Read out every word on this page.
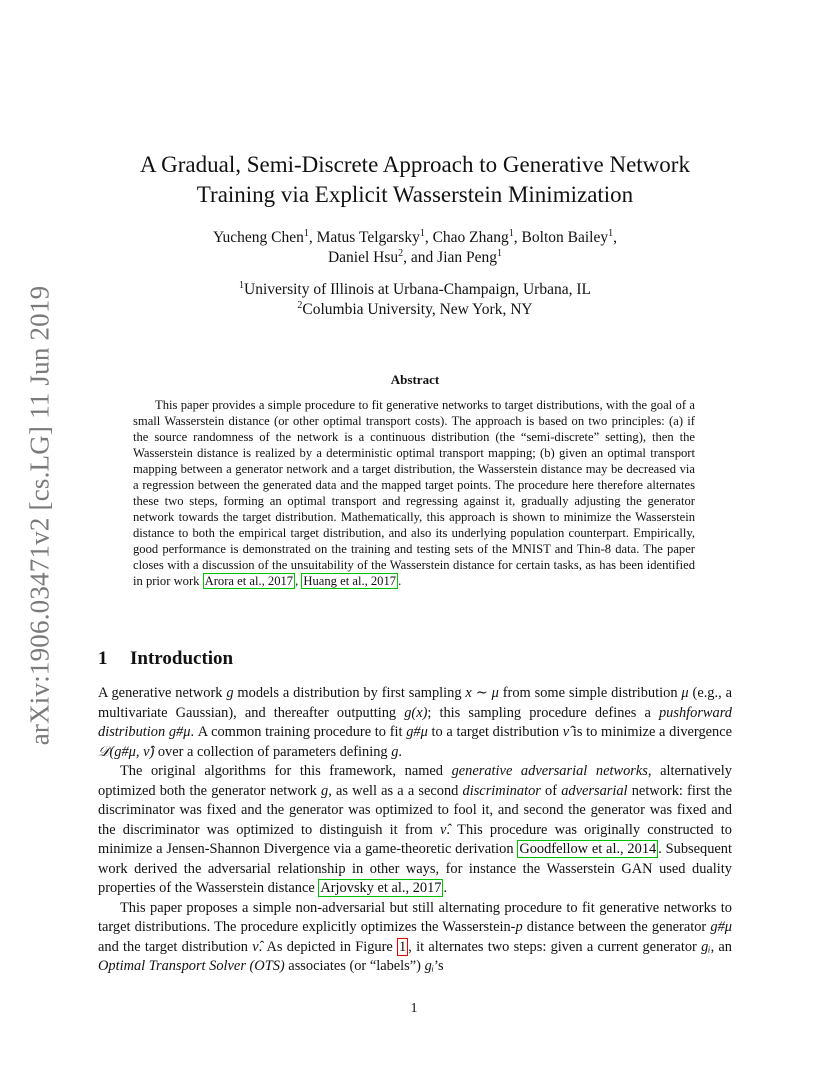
arXiv:1906.03471v2 [cs.LG] 11 Jun 2019
A Gradual, Semi-Discrete Approach to Generative Network
Training via Explicit Wasserstein Minimization
Yucheng Chen$^1$, Matus Telgarsky$^1$, Chao Zhang$^1$, Bolton Bailey$^1$,
Daniel Hsu$^2$, and Jian Peng$^1$
$^1$University of Illinois at Urbana-Champaign, Urbana, IL
$^2$Columbia University, New York, NY
Abstract

This paper provides a simple procedure to fit generative networks to target distributions, with the goal of a small Wasserstein distance (or other optimal transport costs). The approach is based on two principles: (a) if the source randomness of the network is a continuous distribution (the “semi-discrete” setting), then the Wasserstein distance is realized by a deterministic optimal transport mapping; (b) given an optimal transport mapping between a generator network and a target distribution, the Wasserstein distance may be decreased via a regression between the generated data and the mapped target points. The procedure here therefore alternates these two steps, forming an optimal transport and regressing against it, gradually adjusting the generator network towards the target distribution. Mathematically, this approach is shown to minimize the Wasserstein distance to both the empirical target distribution, and also its underlying population counterpart. Empirically, good performance is demonstrated on the training and testing sets of the MNIST and Thin-8 data. The paper closes with a discussion of the unsuitability of the Wasserstein distance for certain tasks, as has been identified in prior work Arora et al., 2017 , Huang et al., 2017 .

1 Introduction

A generative network g models a distribution by first sampling x ∼ μ from some simple distribution μ (e.g., a multivariate Gaussian), and thereafter outputting g(x); this sampling procedure defines a pushforward distribution g#μ. A common training procedure to fit g#μ to a target distribution ν̂ is to minimize a divergence 𝒟(g#μ, ν̂) over a collection of parameters defining g.

The original algorithms for this framework, named generative adversarial networks, alternatively optimized both the generator network g, as well as a a second discriminator of adversarial network: first the discriminator was fixed and the generator was optimized to fool it, and second the generator was fixed and the discriminator was optimized to distinguish it from ν̂. This procedure was originally constructed to minimize a Jensen-Shannon Divergence via a game-theoretic derivation Goodfellow et al., 2014 . Subsequent work derived the adversarial relationship in other ways, for instance the Wasserstein GAN used duality properties of the Wasserstein distance Arjovsky et al., 2017 .

This paper proposes a simple non-adversarial but still alternating procedure to fit generative networks to target distributions. The procedure explicitly optimizes the Wasserstein-p distance between the generator g#μ and the target distribution ν̂. As depicted in Figure 1 , it alternates two steps: given a current generator gᵢ, an Optimal Transport Solver (OTS) associates (or “labels”) gᵢ’s

1
